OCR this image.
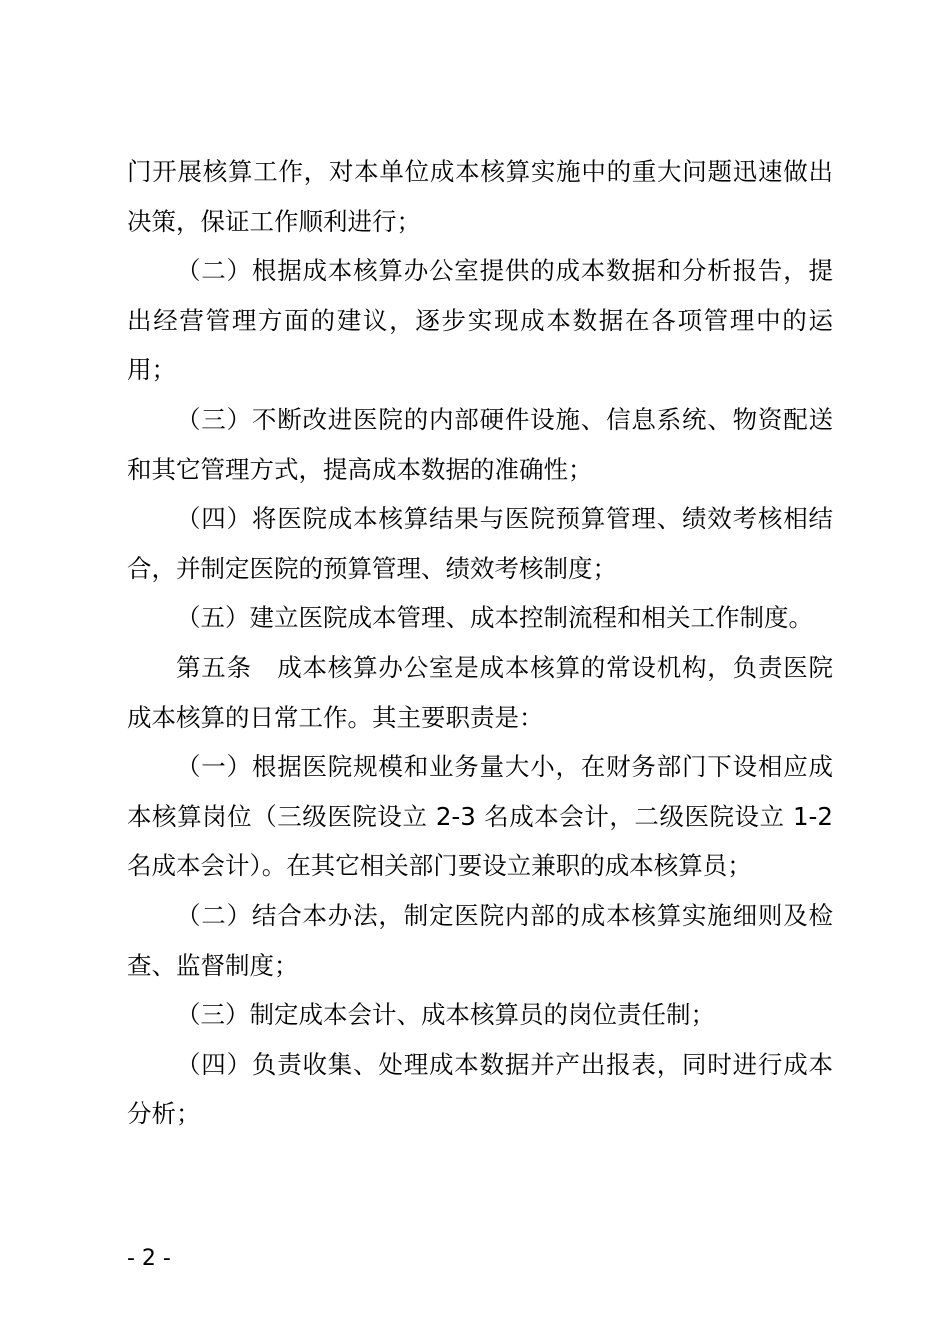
门开展核算工作，对本单位成本核算实施中的重大问题迅速做出决策，保证工作顺利进行；

（二）根据成本核算办公室提供的成本数据和分析报告，提出经营管理方面的建议，逐步实现成本数据在各项管理中的运用；

（三）不断改进医院的内部硬件设施、信息系统、物资配送和其它管理方式，提高成本数据的准确性；

（四）将医院成本核算结果与医院预算管理、绩效考核相结合，并制定医院的预算管理、绩效考核制度；

（五）建立医院成本管理、成本控制流程和相关工作制度。

第五条　成本核算办公室是成本核算的常设机构，负责医院成本核算的日常工作。其主要职责是：

（一）根据医院规模和业务量大小，在财务部门下设相应成本核算岗位（三级医院设立 2-3 名成本会计，二级医院设立 1-2 名成本会计）。在其它相关部门要设立兼职的成本核算员；

（二）结合本办法，制定医院内部的成本核算实施细则及检查、监督制度；

（三）制定成本会计、成本核算员的岗位责任制；

（四）负责收集、处理成本数据并产出报表，同时进行成本分析；

- 2 -
